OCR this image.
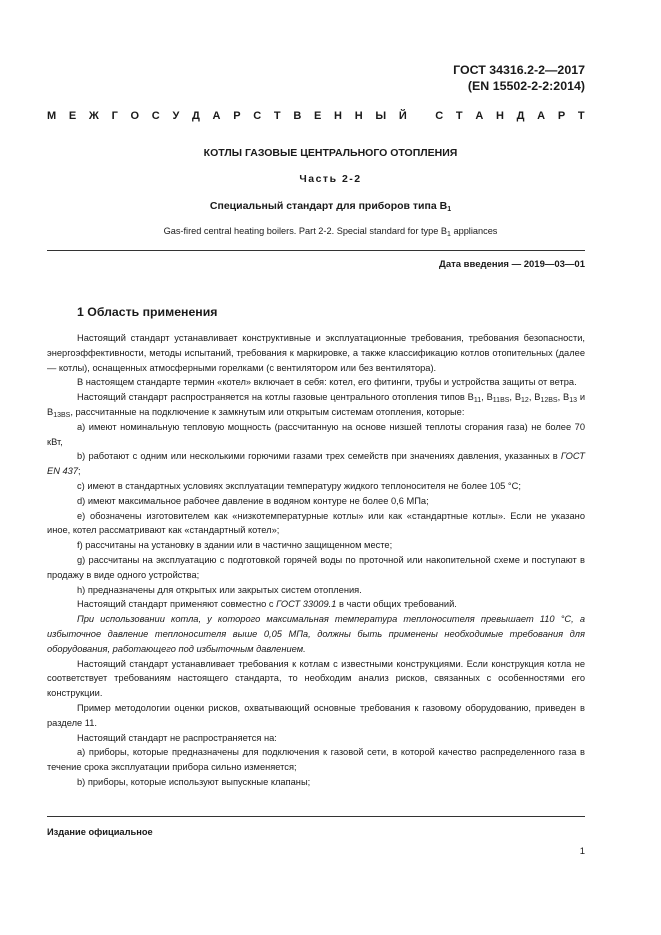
ГОСТ 34316.2-2—2017
(EN 15502-2-2:2014)
М Е Ж Г О С У Д А Р С Т В Е Н Н Ы Й
	С Т А Н Д А Р Т
КОТЛЫ ГАЗОВЫЕ ЦЕНТРАЛЬНОГО ОТОПЛЕНИЯ
Часть 2-2
Специальный стандарт для приборов типа $В_1$
Gas-fired central heating boilers. Part 2-2. Special standard for type $B_1$ appliances
Дата введения — 2019—03—01
1 Область применения

Настоящий стандарт устанавливает конструктивные и эксплуатационные требования, требования безопасности, энергоэффективности, методы испытаний, требования к маркировке, а также классификацию котлов отопительных (далее — котлы), оснащенных атмосферными горелками (с вентилятором или без вентилятора).

В настоящем стандарте термин «котел» включает в себя: котел, его фитинги, трубы и устройства защиты от ветра.

Настоящий стандарт распространяется на котлы газовые центрального отопления типов $В_{11}$, $В_{11BS}$, $В_{12}$, $В_{12BS}$, $В_{13}$ и $В_{13BS}$, рассчитанные на подключение к замкнутым или открытым системам отопления, которые:

а) имеют номинальную тепловую мощность (рассчитанную на основе низшей теплоты сгорания газа) не более 70 кВт,

b) работают с одним или несколькими горючими газами трех семейств при значениях давления, указанных в ГОСТ EN 437;

с) имеют в стандартных условиях эксплуатации температуру жидкого теплоносителя не более 105 °С;

d) имеют максимальное рабочее давление в водяном контуре не более 0,6 МПа;

е) обозначены изготовителем как «низкотемпературные котлы» или как «стандартные котлы». Если не указано иное, котел рассматривают как «стандартный котел»;

f) рассчитаны на установку в здании или в частично защищенном месте;

g) рассчитаны на эксплуатацию с подготовкой горячей воды по проточной или накопительной схеме и поступают в продажу в виде одного устройства;

h) предназначены для открытых или закрытых систем отопления.

Настоящий стандарт применяют совместно с ГОСТ 33009.1 в части общих требований.

При использовании котла, у которого максимальная температура теплоносителя превышает 110 °С, а избыточное давление теплоносителя выше 0,05 МПа, должны быть применены необходимые требования для оборудования, работающего под избыточным давлением.

Настоящий стандарт устанавливает требования к котлам с известными конструкциями. Если конструкция котла не соответствует требованиям настоящего стандарта, то необходим анализ рисков, связанных с особенностями его конструкции.

Пример методологии оценки рисков, охватывающий основные требования к газовому оборудованию, приведен в разделе 11.

Настоящий стандарт не распространяется на:

а) приборы, которые предназначены для подключения к газовой сети, в которой качество распределенного газа в течение срока эксплуатации прибора сильно изменяется;

b) приборы, которые используют выпускные клапаны;

Издание официальное
1
